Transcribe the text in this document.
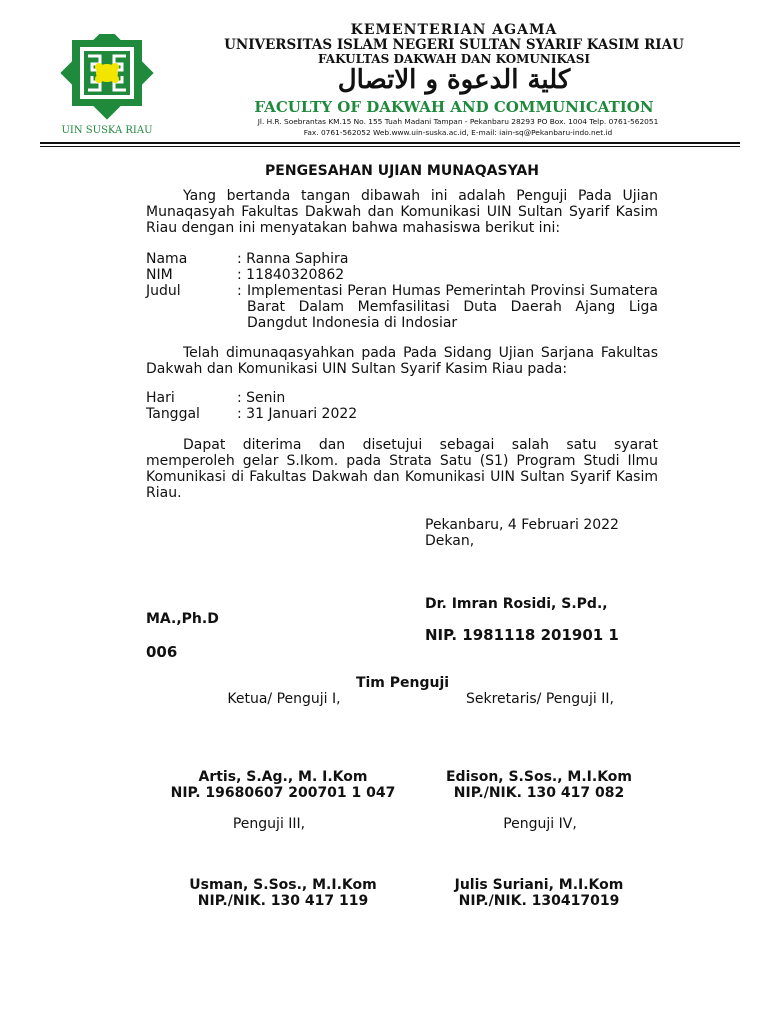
UIN SUSKA RIAU
KEMENTERIAN AGAMA
UNIVERSITAS ISLAM NEGERI SULTAN SYARIF KASIM RIAU
FAKULTAS DAKWAH DAN KOMUNIKASI
كلية الدعوة و الاتصال
FACULTY OF DAKWAH AND COMMUNICATION
Jl. H.R. Soebrantas KM.15 No. 155 Tuah Madani Tampan - Pekanbaru 28293 PO Box. 1004 Telp. 0761-562051
Fax. 0761-562052 Web.www.uin-suska.ac.id, E-mail: iain-sq@Pekanbaru-indo.net.id
PENGESAHAN UJIAN MUNAQASYAH
Yang bertanda tangan dibawah ini adalah Penguji Pada Ujian Munaqasyah Fakultas Dakwah dan Komunikasi UIN Sultan Syarif Kasim Riau dengan ini menyatakan bahwa mahasiswa berikut ini:
Nama	: Ranna Saphira
NIM	: 11840320862
Judul	: Implementasi Peran Humas Pemerintah Provinsi Sumatera Barat Dalam Memfasilitasi Duta Daerah Ajang Liga Dangdut Indonesia di Indosiar
Telah dimunaqasyahkan pada Pada Sidang Ujian Sarjana Fakultas Dakwah dan Komunikasi UIN Sultan Syarif Kasim Riau pada:
Hari	: Senin
Tanggal	: 31 Januari 2022
Dapat diterima dan disetujui sebagai salah satu syarat memperoleh gelar S.Ikom. pada Strata Satu (S1) Program Studi Ilmu Komunikasi di Fakultas Dakwah dan Komunikasi UIN Sultan Syarif Kasim Riau.
Pekanbaru, 4 Februari 2022
Dekan,
Dr. Imran Rosidi, S.Pd.,
MA.,Ph.D
NIP. 1981118 201901 1
006
Tim Penguji
Ketua/ Penguji I,	Sekretaris/ Penguji II,
Artis, S.Ag., M. I.Kom
NIP. 19680607 200701 1 047
Edison, S.Sos., M.I.Kom
NIP./NIK. 130 417 082
Penguji III,	Penguji IV,
Usman, S.Sos., M.I.Kom
NIP./NIK. 130 417 119
Julis Suriani, M.I.Kom
NIP./NIK. 130417019
